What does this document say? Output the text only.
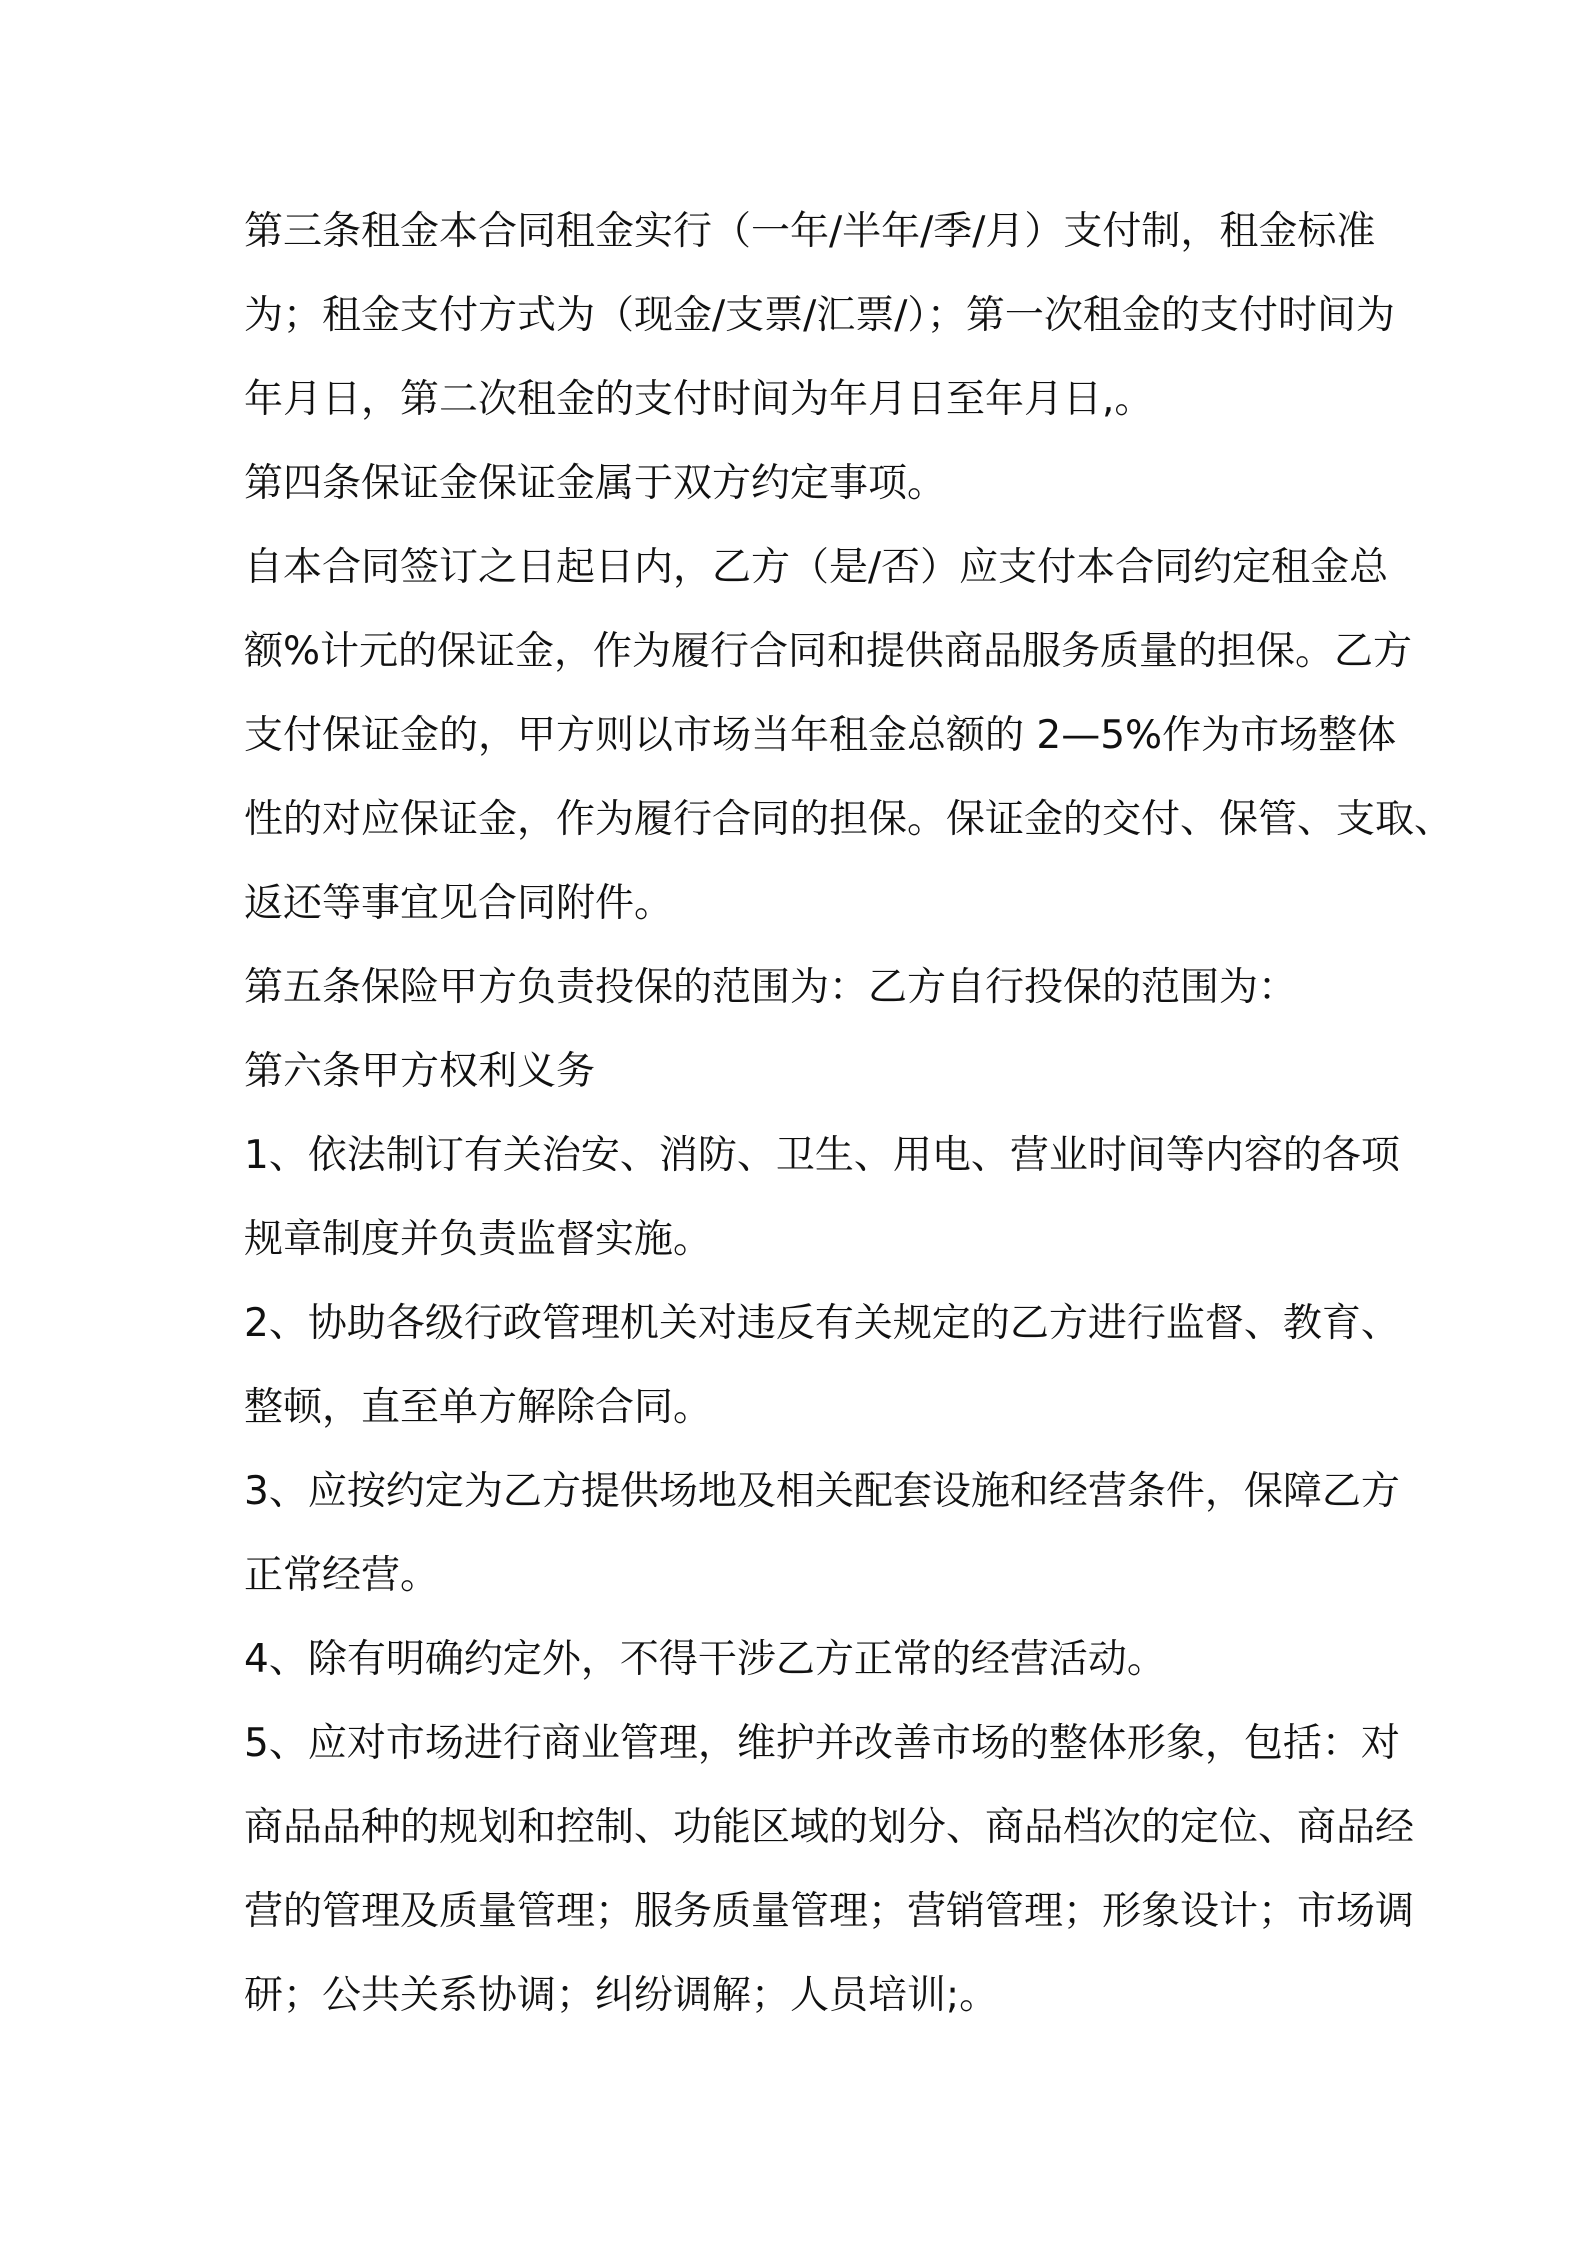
第三条租金本合同租金实行（一年/半年/季/月）支付制，租金标准
为；租金支付方式为（现金/支票/汇票/）；第一次租金的支付时间为
年月日，第二次租金的支付时间为年月日至年月日,。

第四条保证金保证金属于双方约定事项。

自本合同签订之日起日内，乙方（是/否）应支付本合同约定租金总
额%计元的保证金，作为履行合同和提供商品服务质量的担保。乙方
支付保证金的，甲方则以市场当年租金总额的 2—5%作为市场整体
性的对应保证金，作为履行合同的担保。保证金的交付、保管、支取、
返还等事宜见合同附件。

第五条保险甲方负责投保的范围为：乙方自行投保的范围为：

第六条甲方权利义务

1、依法制订有关治安、消防、卫生、用电、营业时间等内容的各项
规章制度并负责监督实施。

2、协助各级行政管理机关对违反有关规定的乙方进行监督、教育、
整顿，直至单方解除合同。

3、应按约定为乙方提供场地及相关配套设施和经营条件，保障乙方
正常经营。

4、除有明确约定外，不得干涉乙方正常的经营活动。

5、应对市场进行商业管理，维护并改善市场的整体形象，包括：对
商品品种的规划和控制、功能区域的划分、商品档次的定位、商品经
营的管理及质量管理；服务质量管理；营销管理；形象设计；市场调
研；公共关系协调；纠纷调解；人员培训;。
